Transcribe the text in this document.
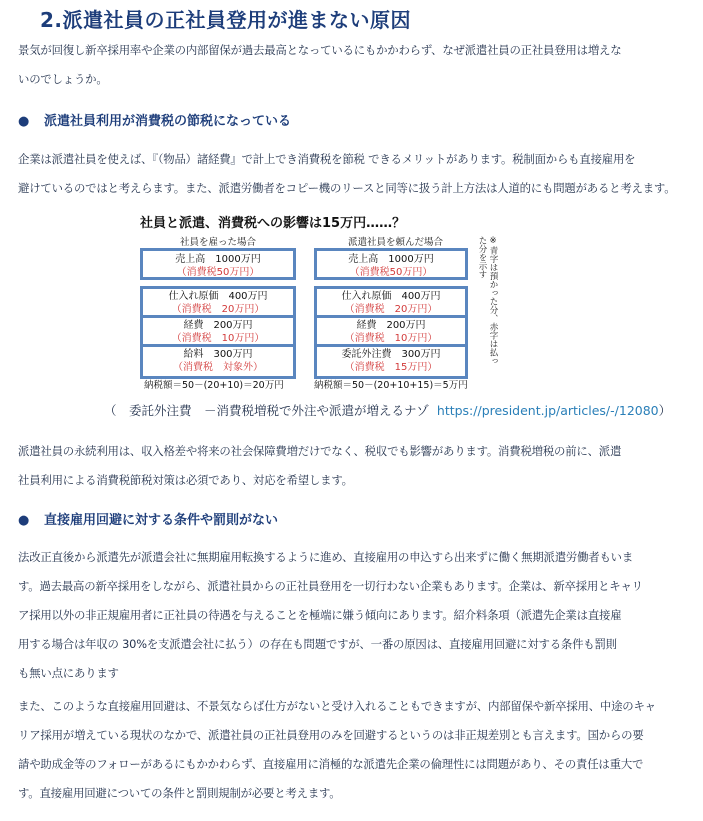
2.派遣社員の正社員登用が進まない原因
景気が回復し新卒採用率や企業の内部留保が過去最高となっているにもかかわらず、なぜ派遣社員の正社員登用は増えな
いのでしょうか。
● 派遣社員利用が消費税の節税になっている
企業は派遣社員を使えば、『（物品）諸経費』で計上でき消費税を節税 できるメリットがあります。税制面からも直接雇用を
避けているのではと考えらます。また、派遣労働者をコピー機のリースと同等に扱う計上方法は人道的にも問題があると考えます。
社員と派遣、消費税への影響は15万円……？
社員を雇った場合	派遣社員を頼んだ場合
売上高　1000万円
（消費税50万円）
仕入れ原価　400万円
（消費税　20万円）
経費　200万円
（消費税　10万円）
給料　300万円
（消費税　対象外）
納税額＝50－(20+10)＝20万円
売上高　1000万円
（消費税50万円）
仕入れ原価　400万円
（消費税　20万円）
経費　200万円
（消費税　10万円）
委託外注費　300万円
（消費税　15万円）
納税額＝50－(20+10+15)＝5万円
※青字は預かった分、赤字は払った分を示す
（　委託外注費　－消費税増税で外注や派遣が増えるナゾ https://president.jp/articles/-/12080）
派遣社員の永続利用は、収入格差や将来の社会保障費増だけでなく、税収でも影響があります。消費税増税の前に、派遣
社員利用による消費税節税対策は必須であり、対応を希望します。
● 直接雇用回避に対する条件や罰則がない
法改正直後から派遣先が派遣会社に無期雇用転換するように進め、直接雇用の申込すら出来ずに働く無期派遣労働者もいま
す。過去最高の新卒採用をしながら、派遣社員からの正社員登用を一切行わない企業もあります。企業は、新卒採用とキャリ
ア採用以外の非正規雇用者に正社員の待遇を与えることを極端に嫌う傾向にあります。紹介料条項（派遣先企業は直接雇
用する場合は年収の 30%を支派遣会社に払う）の存在も問題ですが、一番の原因は、直接雇用回避に対する条件も罰則
も無い点にあります
また、このような直接雇用回避は、不景気ならば仕方がないと受け入れることもできますが、内部留保や新卒採用、中途のキャ
リア採用が増えている現状のなかで、派遣社員の正社員登用のみを回避するというのは非正規差別とも言えます。国からの要
請や助成金等のフォローがあるにもかかわらず、直接雇用に消極的な派遣先企業の倫理性には問題があり、その責任は重大で
す。直接雇用回避についての条件と罰則規制が必要と考えます。
